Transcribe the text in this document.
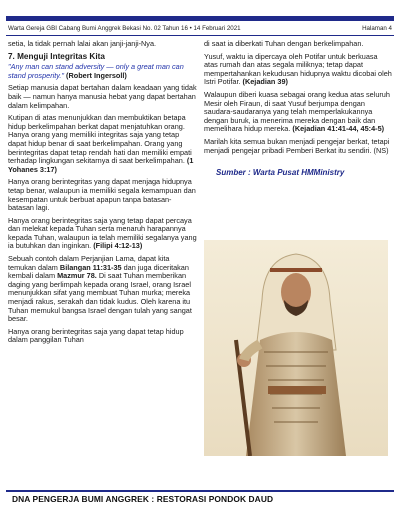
Warta Gereja GBI Cabang Bumi Anggrek Bekasi No. 02 Tahun 16 • 14 Februari 2021	Halaman 4

setia, la tidak pernah lalai akan janji-janji-Nya.

7. Menguji Integritas Kita

"Any man can stand adversity — only a great man can stand prosperity." (Robert Ingersoll)

Setiap manusia dapat bertahan dalam keadaan yang tidak baik — namun hanya manusia hebat yang dapat bertahan dalam kelimpahan.

Kutipan di atas menunjukkan dan membuktikan betapa hidup berkelimpahan berkat dapat menjatuhkan orang. Hanya orang yang memiliki integritas saja yang tetap dapat hidup benar di saat berkelimpahan. Orang yang berintegritas dapat tetap rendah hati dan memiliki empati terhadap lingkungan sekitarnya di saat berkelimpahan. (1 Yohanes 3:17)

Hanya orang berintegritas yang dapat menjaga hidupnya tetap benar, walaupun ia memiliki segala kemampuan dan kesempatan untuk berbuat apapun tanpa batasan-batasan lagi.

Hanya orang berintegritas saja yang tetap dapat percaya dan melekat kepada Tuhan serta menaruh harapannya kepada Tuhan, walaupun ia telah memiliki segalanya yang ia butuhkan dan inginkan. (Filipi 4:12-13)

Sebuah contoh dalam Perjanjian Lama, dapat kita temukan dalam Bilangan 11:31-35 dan juga diceritakan kembali dalam Mazmur 78. Di saat Tuhan memberikan daging yang berlimpah kepada orang Israel, orang Israel menunjukkan sifat yang membuat Tuhan murka; mereka menjadi rakus, serakah dan tidak kudus. Oleh karena itu Tuhan memukul bangsa Israel dengan tulah yang sangat besar.

Hanya orang berintegritas saja yang dapat tetap hidup dalam panggilan Tuhan

di saat ia diberkati Tuhan dengan berkelimpahan.

Yusuf, waktu ia dipercaya oleh Potifar untuk berkuasa atas rumah dan atas segala miliknya; tetap dapat mempertahankan kekudusan hidupnya waktu dicobai oleh Istri Potifar. (Kejadian 39)

Walaupun diberi kuasa sebagai orang kedua atas seluruh Mesir oleh Firaun, di saat Yusuf berjumpa dengan saudara-saudaranya yang telah memperlakukannya dengan buruk, ia menerima mereka dengan baik dan memelihara hidup mereka. (Kejadian 41:41-44, 45:4-5)

Marilah kita semua bukan menjadi pengejar berkat, tetapi menjadi pengejar pribadi Pemberi Berkat itu sendiri. (NS)

Sumber : Warta Pusat HMMinistry
DNA PENGERJA BUMI ANGGREK : RESTORASI PONDOK DAUD
